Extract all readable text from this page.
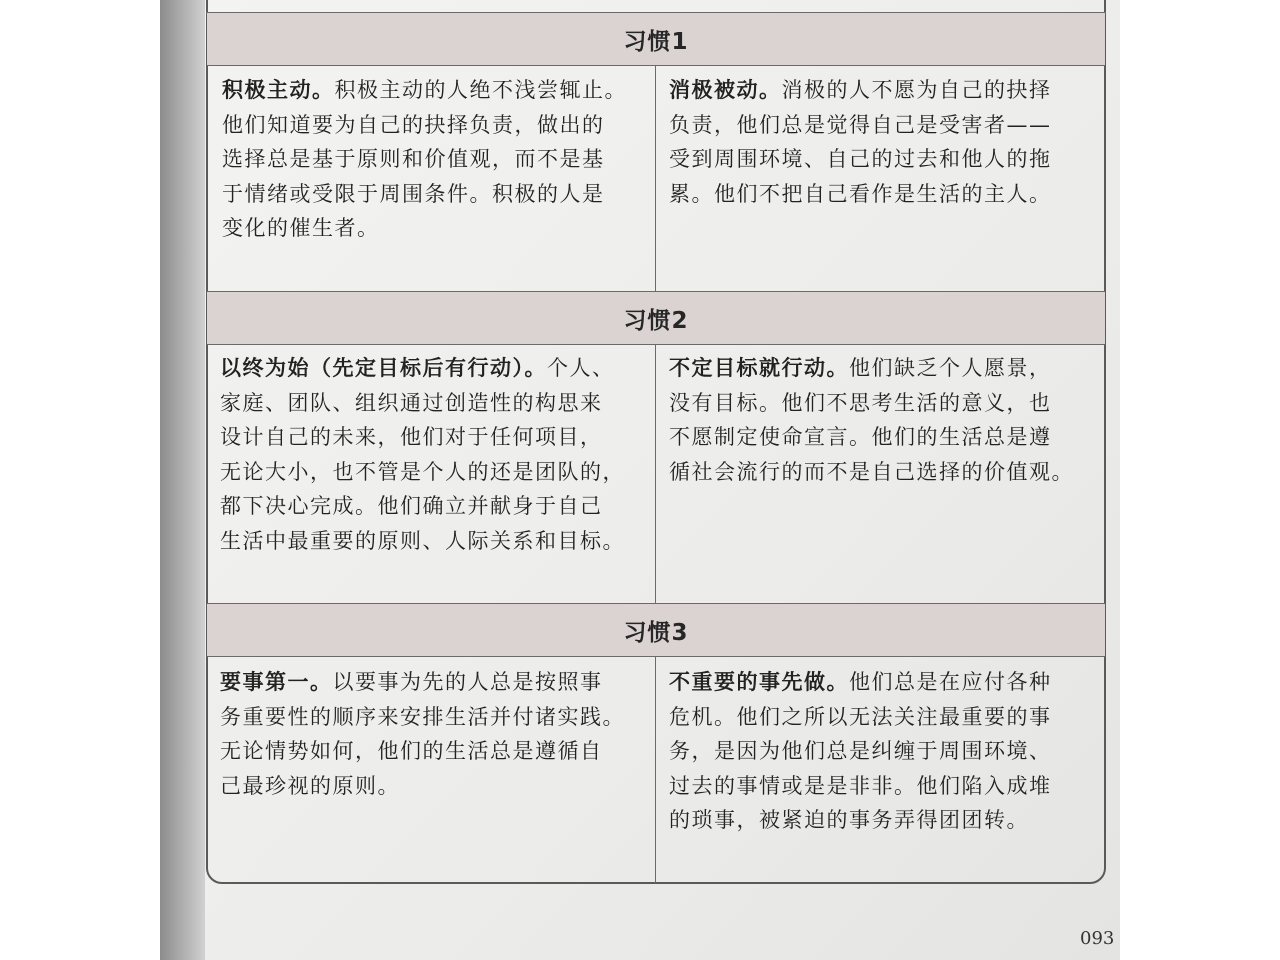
习惯1
积极主动。积极主动的人绝不浅尝辄止。
他们知道要为自己的抉择负责，做出的
选择总是基于原则和价值观，而不是基
于情绪或受限于周围条件。积极的人是
变化的催生者。
消极被动。消极的人不愿为自己的抉择
负责，他们总是觉得自己是受害者——
受到周围环境、自己的过去和他人的拖
累。他们不把自己看作是生活的主人。
习惯2
以终为始（先定目标后有行动）。个人、
家庭、团队、组织通过创造性的构思来
设计自己的未来，他们对于任何项目，
无论大小，也不管是个人的还是团队的，
都下决心完成。他们确立并献身于自己
生活中最重要的原则、人际关系和目标。
不定目标就行动。他们缺乏个人愿景，
没有目标。他们不思考生活的意义，也
不愿制定使命宣言。他们的生活总是遵
循社会流行的而不是自己选择的价值观。
习惯3
要事第一。以要事为先的人总是按照事
务重要性的顺序来安排生活并付诸实践。
无论情势如何，他们的生活总是遵循自
己最珍视的原则。
不重要的事先做。他们总是在应付各种
危机。他们之所以无法关注最重要的事
务，是因为他们总是纠缠于周围环境、
过去的事情或是是非非。他们陷入成堆
的琐事，被紧迫的事务弄得团团转。
093
